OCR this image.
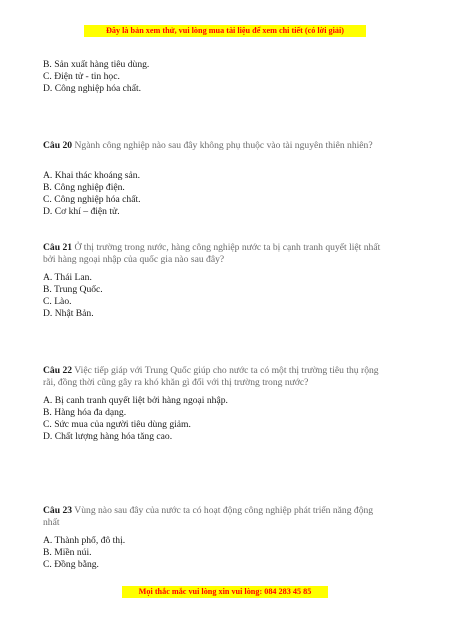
Đây là bản xem thử, vui lòng mua tài liệu để xem chi tiết (có lời giải)
B. Sản xuất hàng tiêu dùng.
C. Điện tử - tin học.
D. Công nghiệp hóa chất.
Câu 20 Ngành công nghiệp nào sau đây không phụ thuộc vào tài nguyên thiên nhiên?
A. Khai thác khoáng sản.
B. Công nghiệp điện.
C. Công nghiệp hóa chất.
D. Cơ khí – điện tử.
Câu 21 Ở thị trường trong nước, hàng công nghiệp nước ta bị cạnh tranh quyết liệt nhất bởi hàng ngoại nhập của quốc gia nào sau đây?
A. Thái Lan.
B. Trung Quốc.
C. Lào.
D. Nhật Bản.
Câu 22 Việc tiếp giáp với Trung Quốc giúp cho nước ta có một thị trường tiêu thụ rộng rãi, đồng thời cũng gây ra khó khăn gì đối với thị trường trong nước?
A. Bị canh tranh quyết liệt bởi hàng ngoại nhập.
B. Hàng hóa đa dạng.
C. Sức mua của người tiêu dùng giảm.
D. Chất lượng hàng hóa tăng cao.
Câu 23 Vùng nào sau đây của nước ta có hoạt động công nghiệp phát triển năng động nhất
A. Thành phố, đô thị.
B. Miền núi.
C. Đồng bằng.
Mọi thắc mắc vui lòng xin vui lòng: 084 283 45 85
